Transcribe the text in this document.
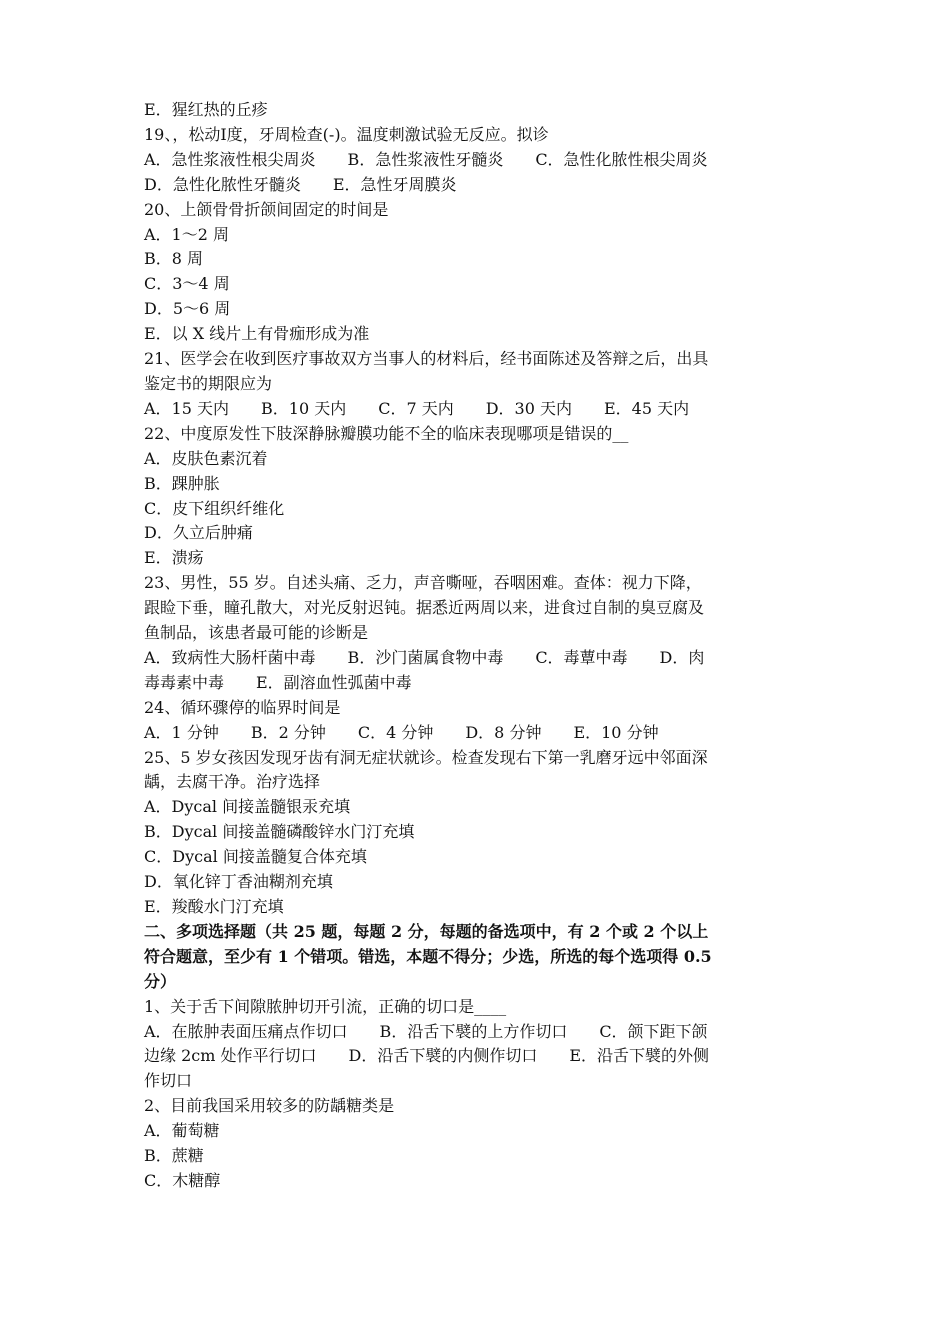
E．猩红热的丘疹
19、，松动Ⅰ度，牙周检查(-)。温度刺激试验无反应。拟诊
A．急性浆液性根尖周炎　　B．急性浆液性牙髓炎　　C．急性化脓性根尖周炎
D．急性化脓性牙髓炎　　E．急性牙周膜炎
20、上颌骨骨折颌间固定的时间是
A．1～2 周
B．8 周
C．3～4 周
D．5～6 周
E．以 X 线片上有骨痂形成为准
21、医学会在收到医疗事故双方当事人的材料后，经书面陈述及答辩之后，出具
鉴定书的期限应为
A．15 天内　　B．10 天内　　C．7 天内　　D．30 天内　　E．45 天内
22、中度原发性下肢深静脉瓣膜功能不全的临床表现哪项是错误的__
A．皮肤色素沉着
B．踝肿胀
C．皮下组织纤维化
D．久立后肿痛
E．溃疡
23、男性，55 岁。自述头痛、乏力，声音嘶哑，吞咽困难。查体：视力下降，
跟睑下垂，瞳孔散大，对光反射迟钝。据悉近两周以来，进食过自制的臭豆腐及
鱼制品，该患者最可能的诊断是
A．致病性大肠杆菌中毒　　B．沙门菌属食物中毒　　C．毒蕈中毒　　D．肉
毒毒素中毒　　E．副溶血性弧菌中毒
24、循环骤停的临界时间是
A．1 分钟　　B．2 分钟　　C．4 分钟　　D．8 分钟　　E．10 分钟
25、5 岁女孩因发现牙齿有洞无症状就诊。检查发现右下第一乳磨牙远中邻面深
龋，去腐干净。治疗选择
A．Dycal 间接盖髓银汞充填
B．Dycal 间接盖髓磷酸锌水门汀充填
C．Dycal 间接盖髓复合体充填
D．氧化锌丁香油糊剂充填
E．羧酸水门汀充填
二、多项选择题（共 25 题，每题 2 分，每题的备选项中，有 2 个或 2 个以上
符合题意，至少有 1 个错项。错选，本题不得分；少选，所选的每个选项得 0.5
分）
1、关于舌下间隙脓肿切开引流，正确的切口是____
A．在脓肿表面压痛点作切口　　B．沿舌下襞的上方作切口　　C．颌下距下颌
边缘 2cm 处作平行切口　　D．沿舌下襞的内侧作切口　　E．沿舌下襞的外侧
作切口
2、目前我国采用较多的防龋糖类是
A．葡萄糖
B．蔗糖
C．木糖醇
